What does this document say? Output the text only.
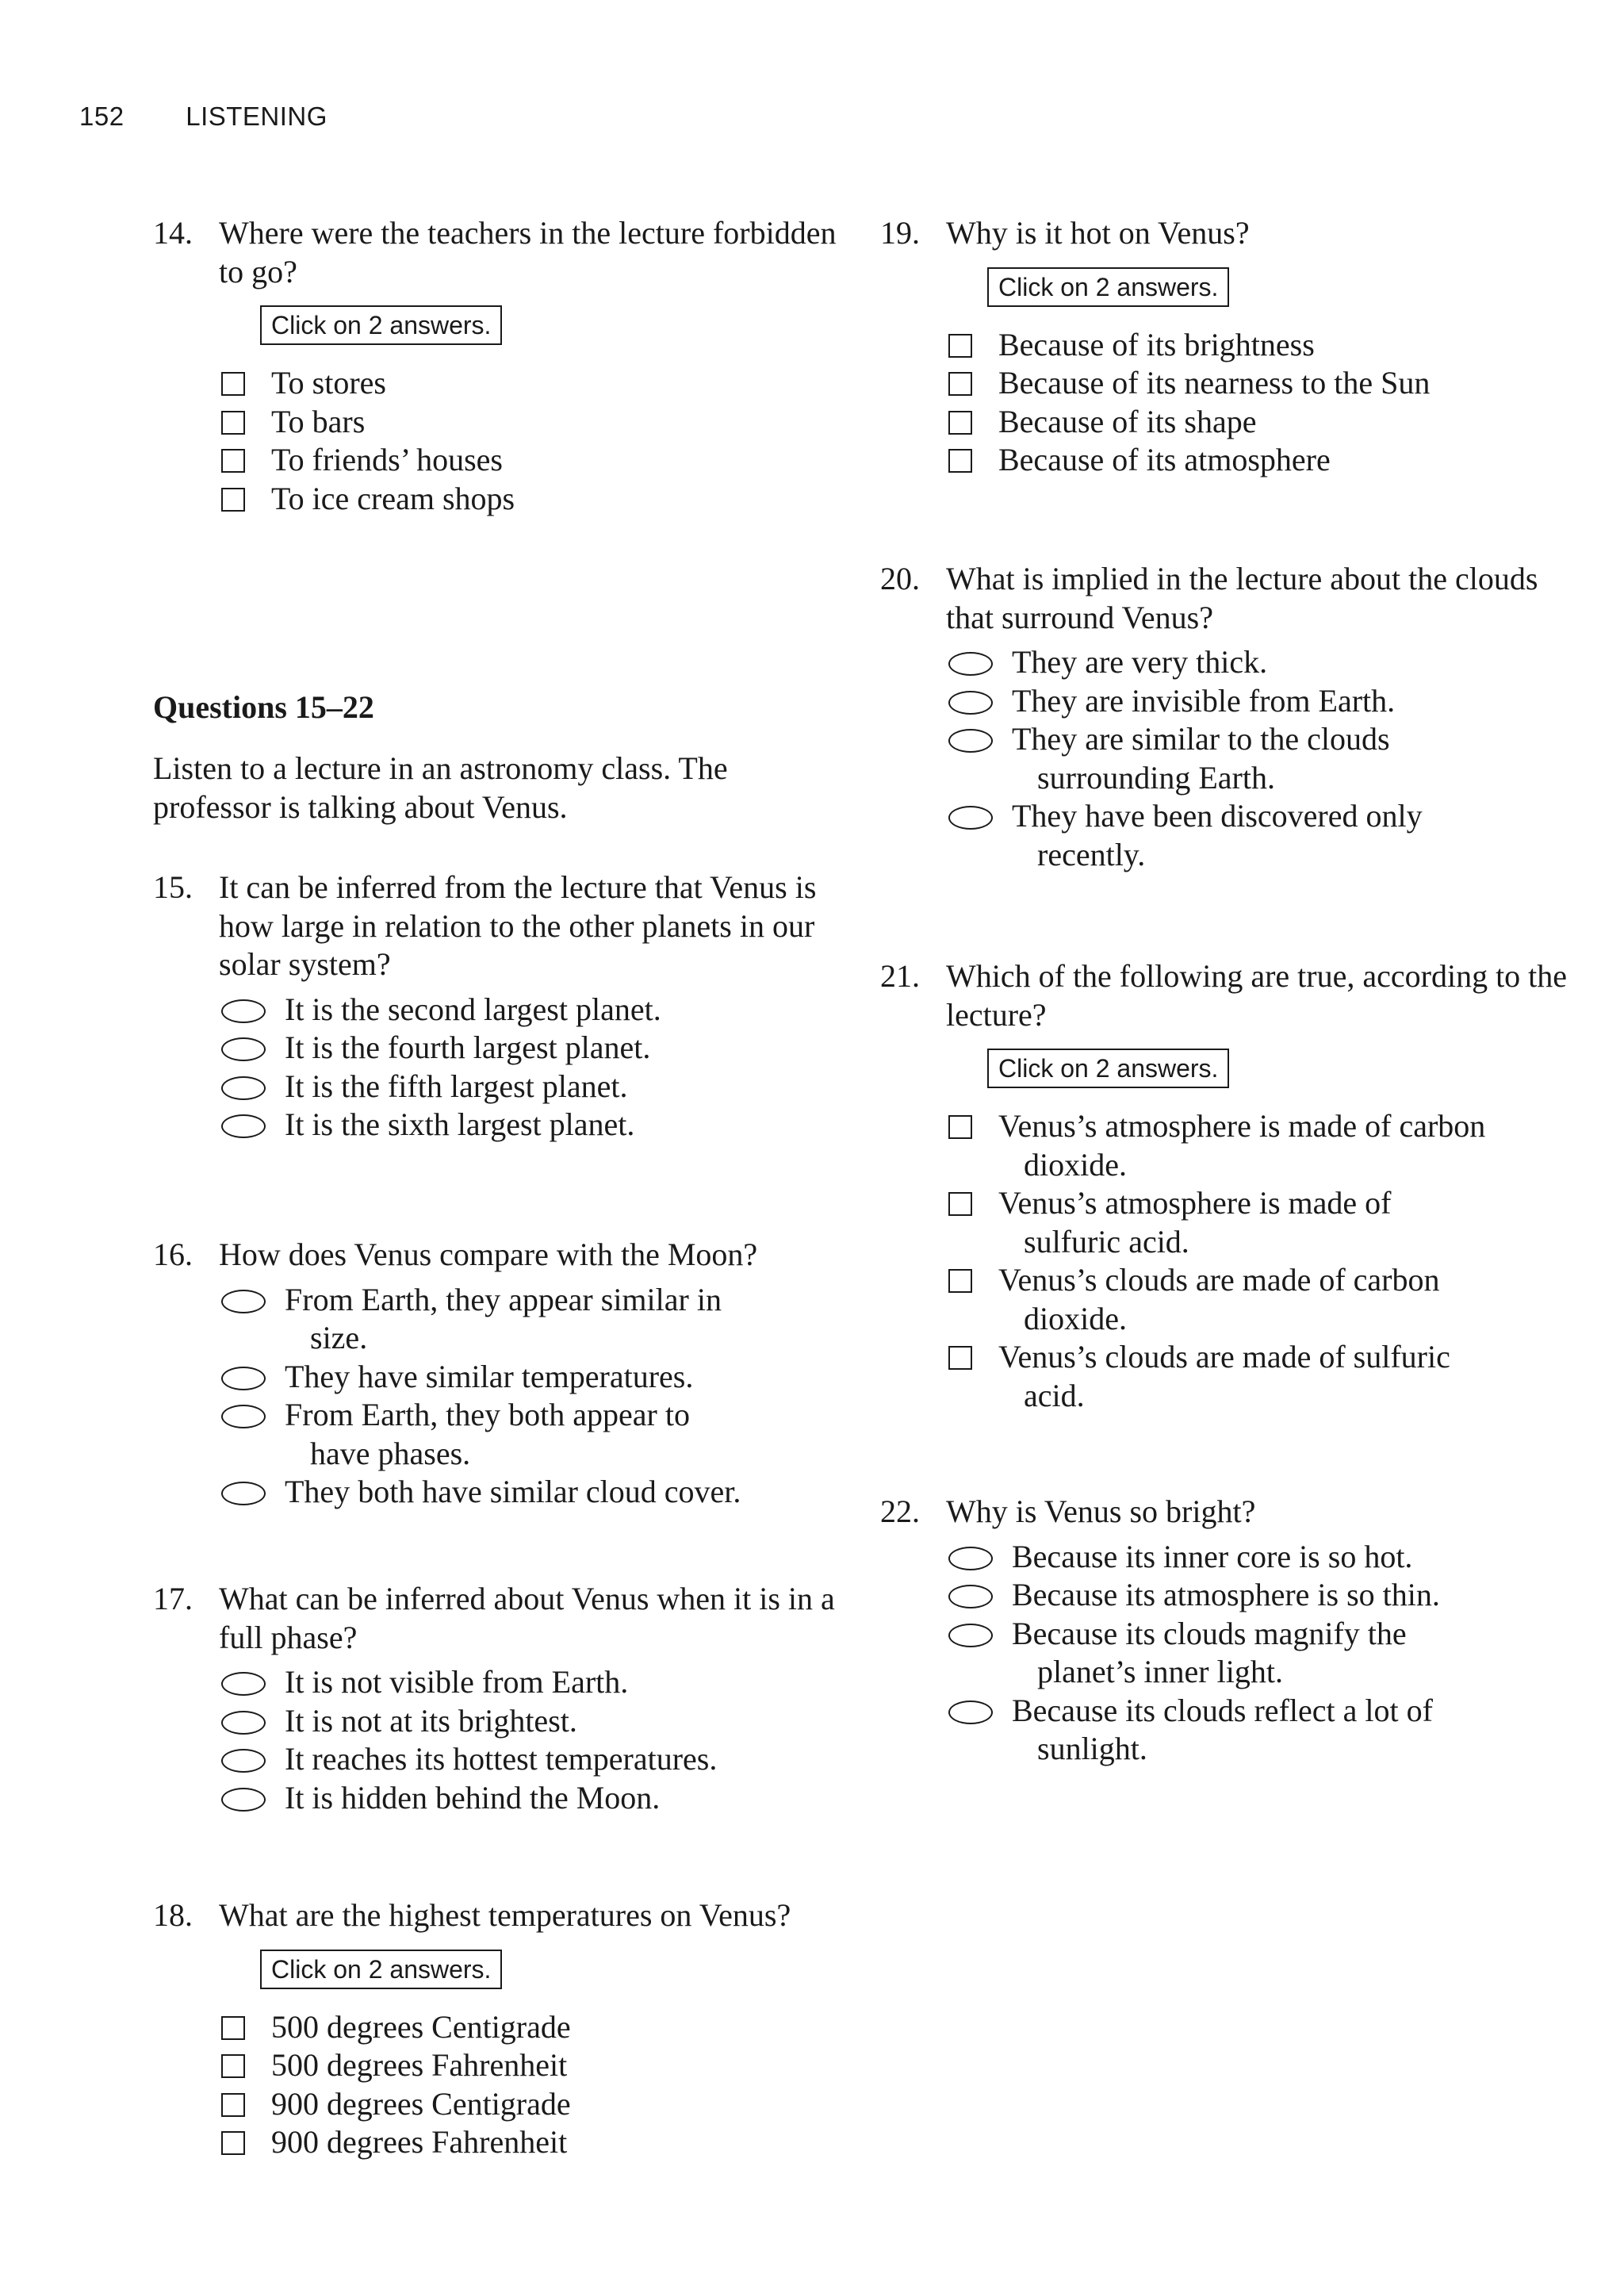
152 LISTENING
14. Where were the teachers in the lecture forbidden to go?
Click on 2 answers.
To stores
To bars
To friends’ houses
To ice cream shops
Questions 15–22
Listen to a lecture in an astronomy class. The professor is talking about Venus.
15. It can be inferred from the lecture that Venus is how large in relation to the other planets in our solar system?
It is the second largest planet.
It is the fourth largest planet.
It is the fifth largest planet.
It is the sixth largest planet.
16. How does Venus compare with the Moon?
From Earth, they appear similar in
size.
They have similar temperatures.
From Earth, they both appear to
have phases.
They both have similar cloud cover.
17. What can be inferred about Venus when it is in a full phase?
It is not visible from Earth.
It is not at its brightest.
It reaches its hottest temperatures.
It is hidden behind the Moon.
18. What are the highest temperatures on Venus?
Click on 2 answers.
500 degrees Centigrade
500 degrees Fahrenheit
900 degrees Centigrade
900 degrees Fahrenheit
19. Why is it hot on Venus?
Click on 2 answers.
Because of its brightness
Because of its nearness to the Sun
Because of its shape
Because of its atmosphere
20. What is implied in the lecture about the clouds that surround Venus?
They are very thick.
They are invisible from Earth.
They are similar to the clouds
surrounding Earth.
They have been discovered only
recently.
21. Which of the following are true, according to the lecture?
Click on 2 answers.
Venus’s atmosphere is made of carbon
dioxide.
Venus’s atmosphere is made of
sulfuric acid.
Venus’s clouds are made of carbon
dioxide.
Venus’s clouds are made of sulfuric
acid.
22. Why is Venus so bright?
Because its inner core is so hot.
Because its atmosphere is so thin.
Because its clouds magnify the
planet’s inner light.
Because its clouds reflect a lot of
sunlight.
